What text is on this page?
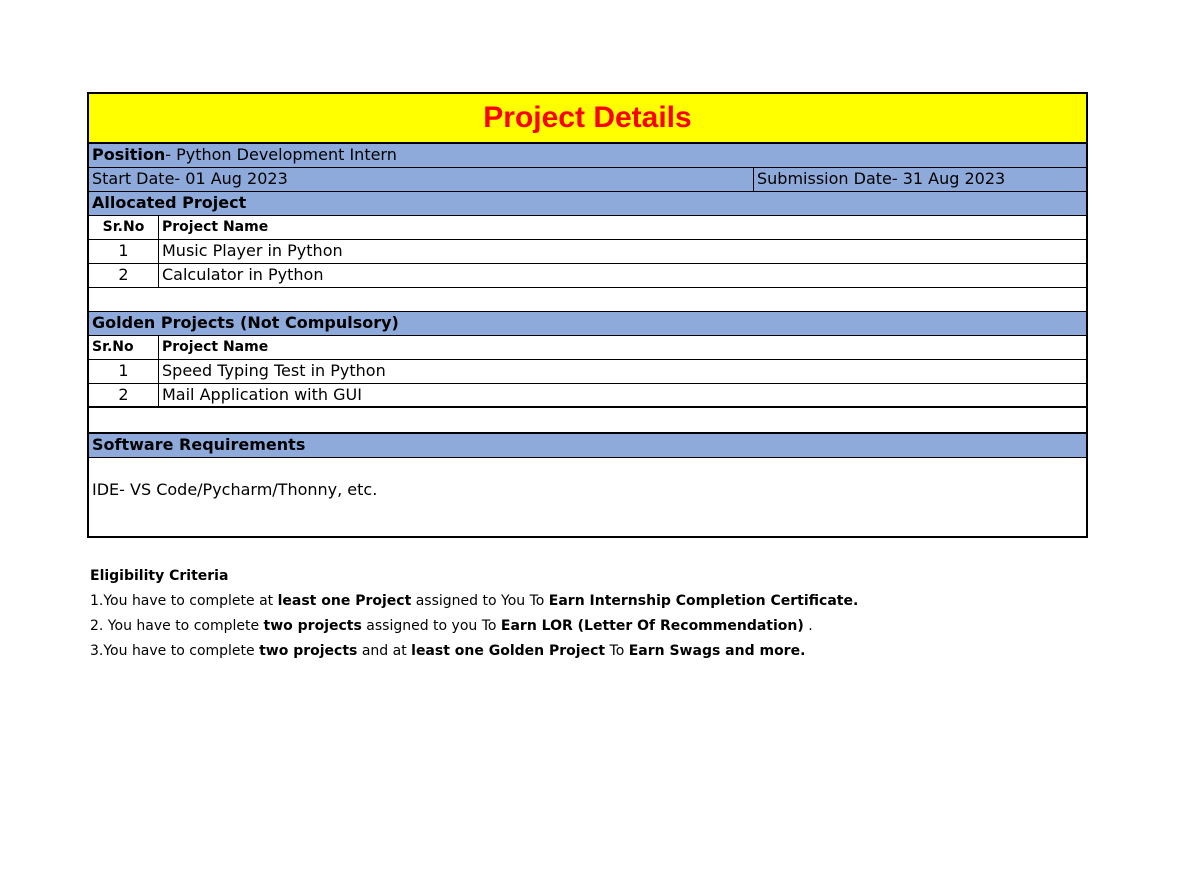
Project Details
Position- Python Development Intern
Start Date- 01 Aug 2023	Submission Date- 31 Aug 2023
Allocated Project
Sr.No	Project Name
1	Music Player in Python
2	Calculator in Python
Golden Projects (Not Compulsory)
Sr.No	Project Name
1	Speed Typing Test in Python
2	Mail Application with GUI
Software Requirements
IDE- VS Code/Pycharm/Thonny, etc.
Eligibility Criteria
1.You have to complete at least one Project assigned to You To Earn Internship Completion Certificate.
2. You have to complete two projects assigned to you To Earn LOR (Letter Of Recommendation) .
3.You have to complete two projects and at least one Golden Project To Earn Swags and more.
